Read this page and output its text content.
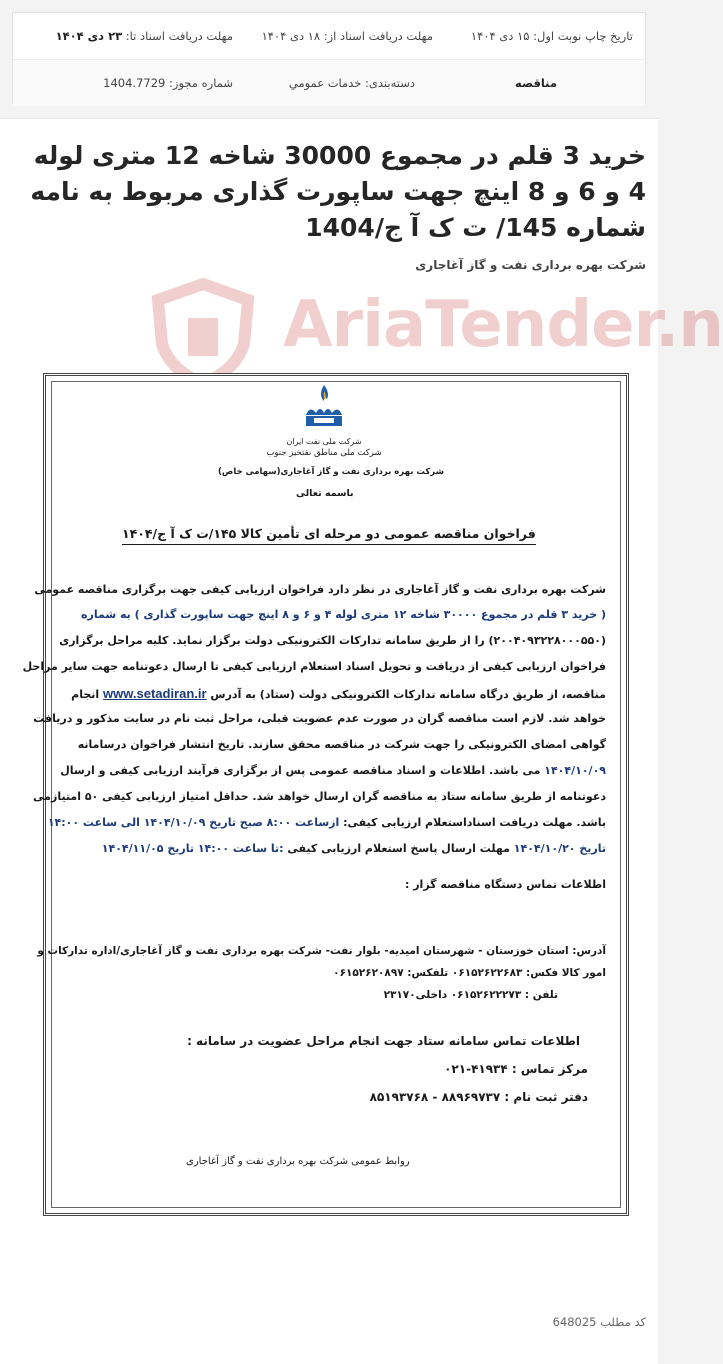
تاریخ چاپ نوبت اول: ۱۵ دی ۱۴۰۴
مهلت دریافت اسناد از: ۱۸ دی ۱۴۰۴
مهلت دریافت اسناد تا: ۲۳ دی ۱۴۰۴
مناقصه
دسته‌بندی: خدمات عمومي
شماره مجوز: 1404.7729
خرید 3 قلم در مجموع 30000 شاخه 12 متری لوله 4 و 6 و 8 اینچ جهت ساپورت گذاری مربوط به نامه شماره 145/ ت ک آ ج/1404
شرکت بهره برداری نفت و گاز آغاجاری
AriaTender.n
شرکت ملی نفت ایران
شرکت ملی مناطق نفتخیز جنوب
شرکت بهره برداری نفت و گاز آغاجاری(سهامی خاص)
باسمه تعالی
فراخوان مناقصه عمومی دو مرحله ای تأمین کالا ۱۴۵/ت ک آ ج/۱۴۰۴
شرکت بهره برداری نفت و گاز آغاجاری در نظر دارد فراخوان ارزیابی کیفی جهت برگزاری مناقصه عمومی
( خرید ۳ قلم در مجموع ۳۰۰۰۰ شاخه ۱۲ متری لوله ۴ و ۶ و ۸ اینچ جهت ساپورت گذاری ) به شماره
(۲۰۰۴۰۹۳۲۲۸۰۰۰۵۵۰) را از طریق سامانه تدارکات الکترونیکی دولت برگزار نماید. کلیه مراحل برگزاری
فراخوان ارزیابی کیفی از دریافت و تحویل اسناد استعلام ارزیابی کیفی تا ارسال دعوتنامه جهت سایر مراحل
مناقصه، از طریق درگاه سامانه تدارکات الکترونیکی دولت (ستاد) به آدرس www.setadiran.ir انجام
خواهد شد. لازم است مناقصه گران در صورت عدم عضویت قبلی، مراحل ثبت نام در سایت مذکور و دریافت
گواهی امضای الکترونیکی را جهت شرکت در مناقصه محقق سازند. تاریخ انتشار فراخوان درسامانه
۱۴۰۴/۱۰/۰۹ می باشد. اطلاعات و اسناد مناقصه عمومی پس از برگزاری فرآیند ارزیابی کیفی و ارسال
دعوتنامه از طریق سامانه ستاد به مناقصه گران ارسال خواهد شد. حداقل امتیاز ارزیابی کیفی ۵۰ امتیازمی
باشد. مهلت دریافت اسناداستعلام ارزیابی کیفی: ازساعت ۸:۰۰ صبح تاریخ ۱۴۰۴/۱۰/۰۹ الی ساعت ۱۴:۰۰
تاریخ ۱۴۰۴/۱۰/۲۰ مهلت ارسال پاسخ استعلام ارزیابی کیفی :تا ساعت ۱۴:۰۰ تاریخ ۱۴۰۴/۱۱/۰۵
اطلاعات تماس دستگاه مناقصه گزار :
آدرس: استان خوزستان - شهرستان امیدیه- بلوار نفت- شرکت بهره برداری نفت و گاز آغاجاری/اداره تدارکات و
امور کالا فکس: ۰۶۱۵۲۶۲۲۶۸۳ تلفکس: ۰۶۱۵۲۶۲۰۸۹۷
تلفن : ۰۶۱۵۲۶۲۲۲۷۳ داخلی۲۳۱۷۰
اطلاعات تماس سامانه ستاد جهت انجام مراحل عضویت در سامانه :
مرکز تماس : ۴۱۹۳۴-۰۲۱
دفتر ثبت نام : ۸۸۹۶۹۷۳۷ - ۸۵۱۹۳۷۶۸
روابط عمومی شرکت بهره برداری نفت و گاز آغاجاری
کد مطلب 648025
